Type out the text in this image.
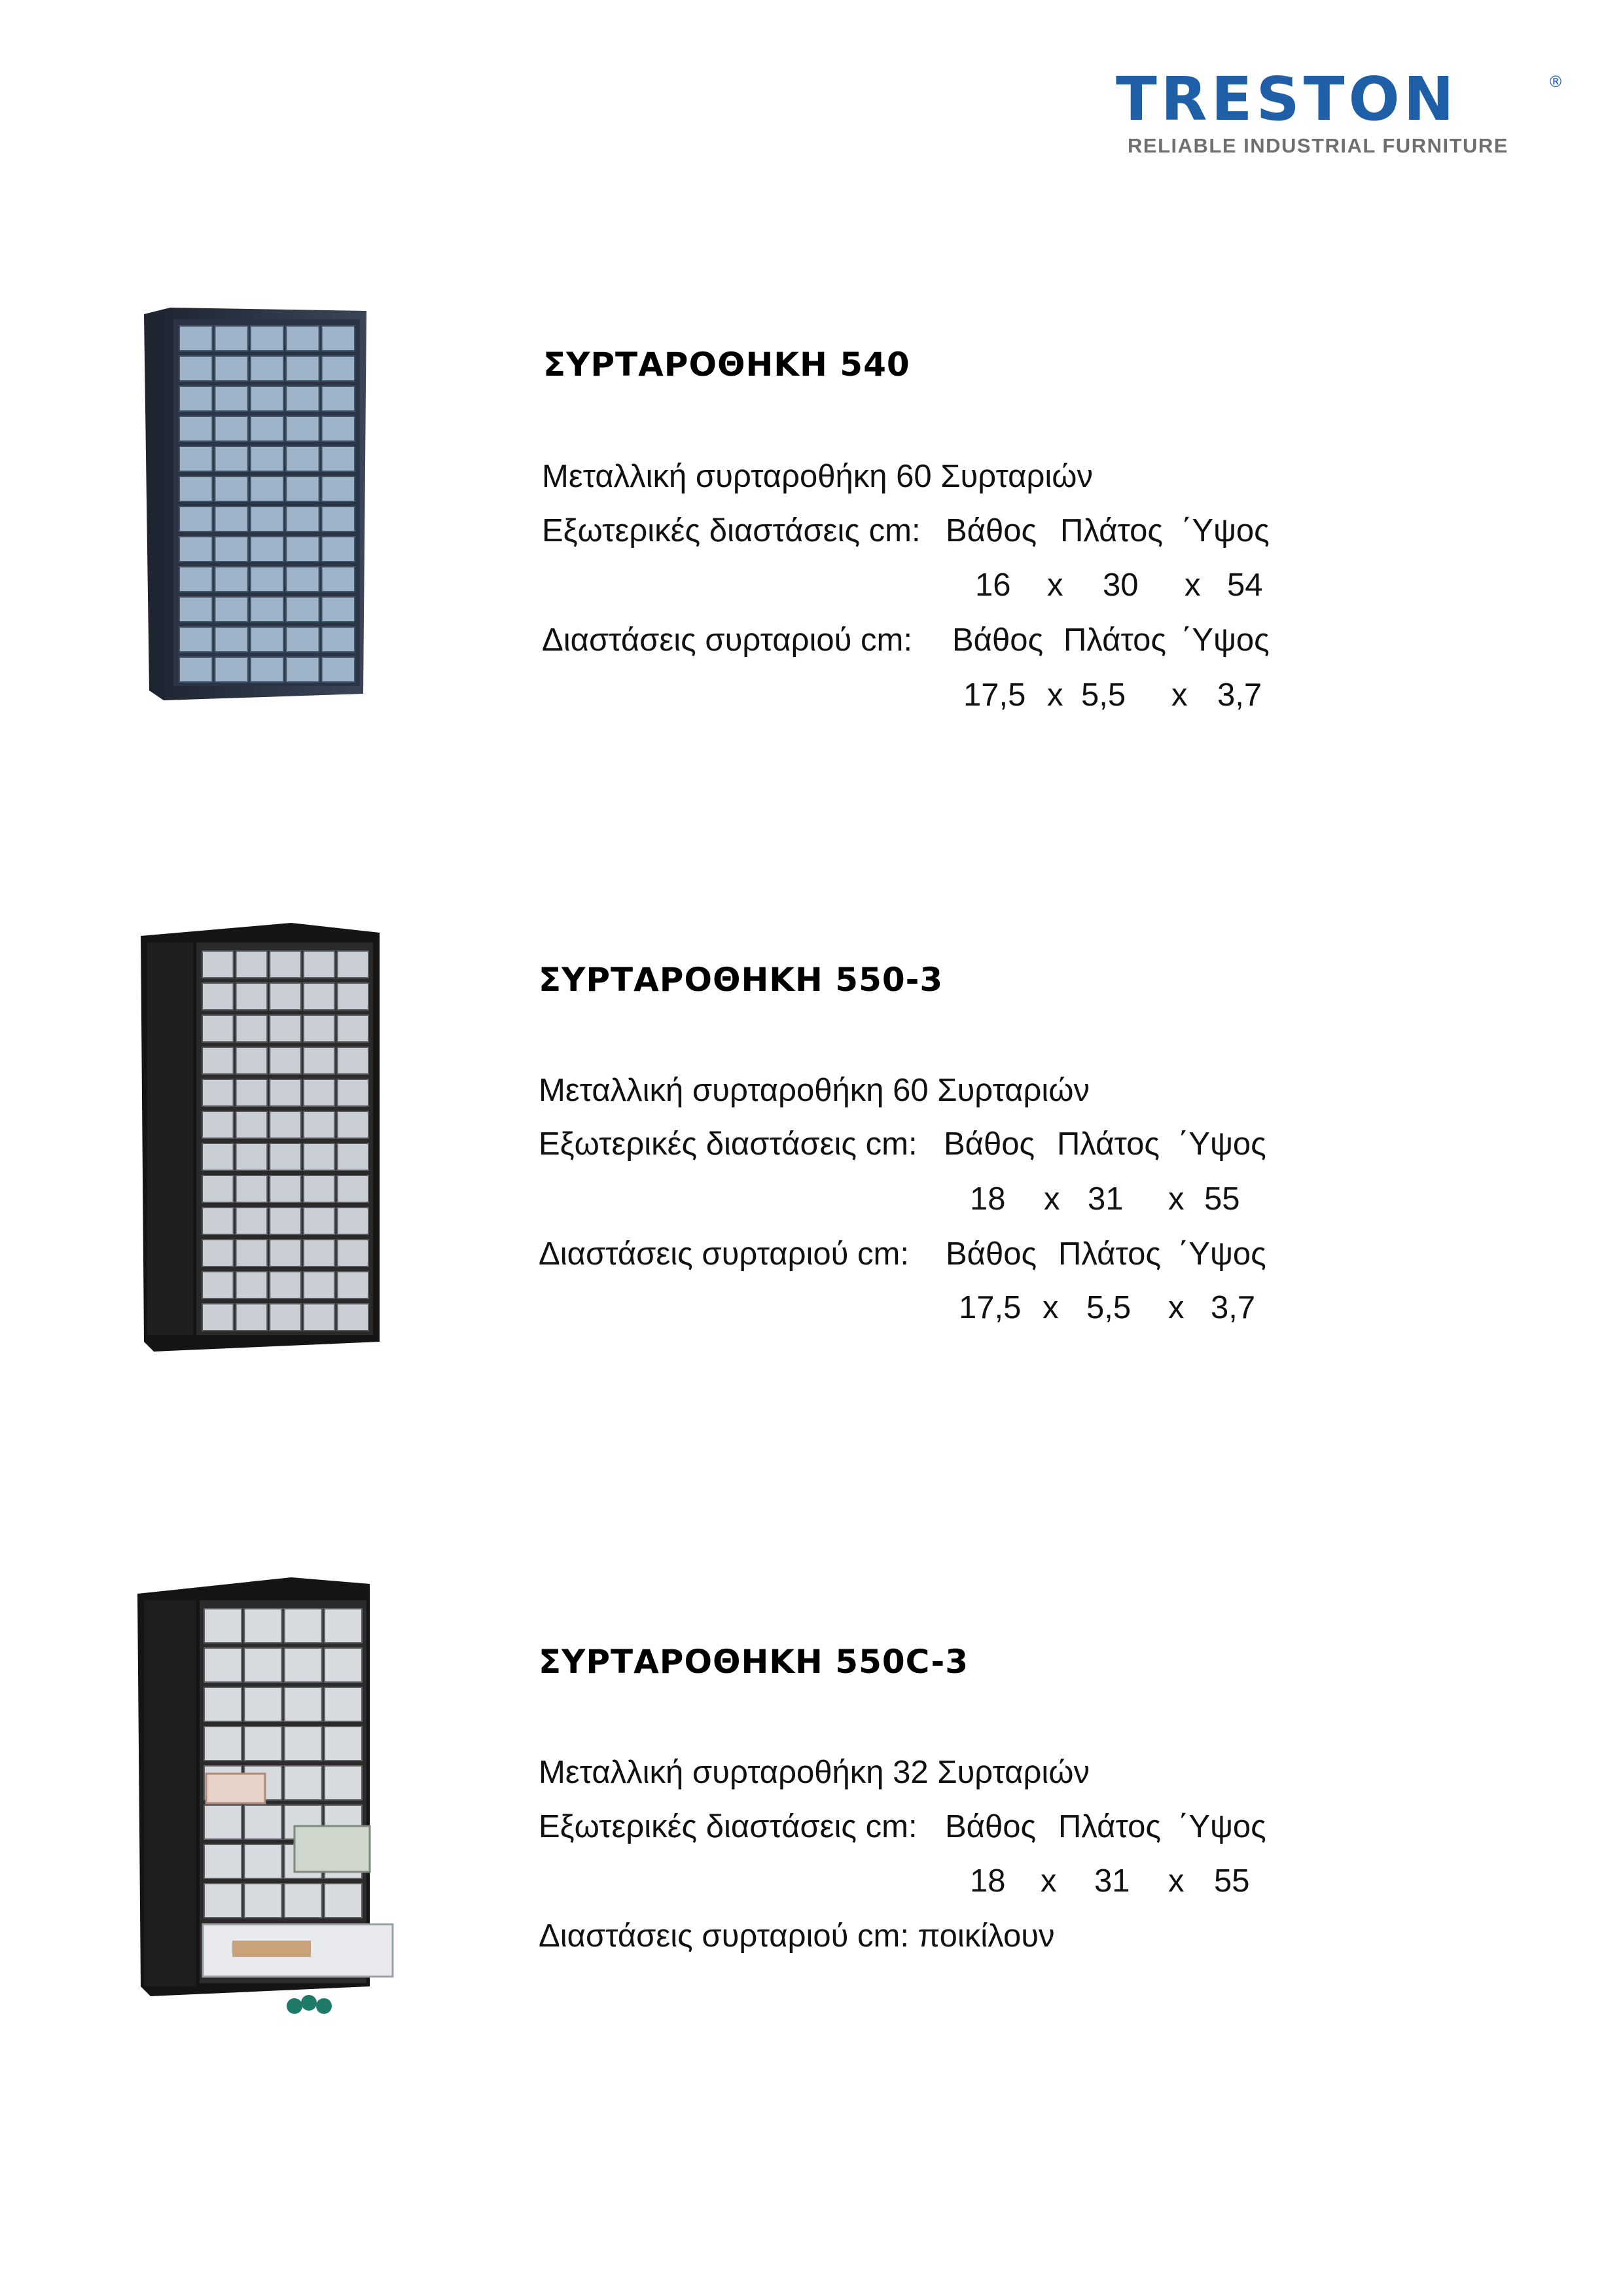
TRESTON	®
RELIABLE INDUSTRIAL FURNITURE
ΣΥΡΤΑΡΟΘΗΚΗ 540
Μεταλλική συρταροθήκη 60 Συρταριών
Εξωτερικές διαστάσεις cm: Βάθος Πλάτος ΄Υψος
16 x 30 x 54
Διαστάσεις συρταριού cm: Βάθος Πλάτος ΄Υψος
17,5 x 5,5 x 3,7
ΣΥΡΤΑΡΟΘΗΚΗ 550-3
Μεταλλική συρταροθήκη 60 Συρταριών
Εξωτερικές διαστάσεις cm: Βάθος Πλάτος ΄Υψος
18 x 31 x 55
Διαστάσεις συρταριού cm: Βάθος Πλάτος ΄Υψος
17,5 x 5,5 x 3,7
ΣΥΡΤΑΡΟΘΗΚΗ 550C-3
Μεταλλική συρταροθήκη 32 Συρταριών
Εξωτερικές διαστάσεις cm: Βάθος Πλάτος ΄Υψος
18 x 31 x 55
Διαστάσεις συρταριού cm: ποικίλουν
